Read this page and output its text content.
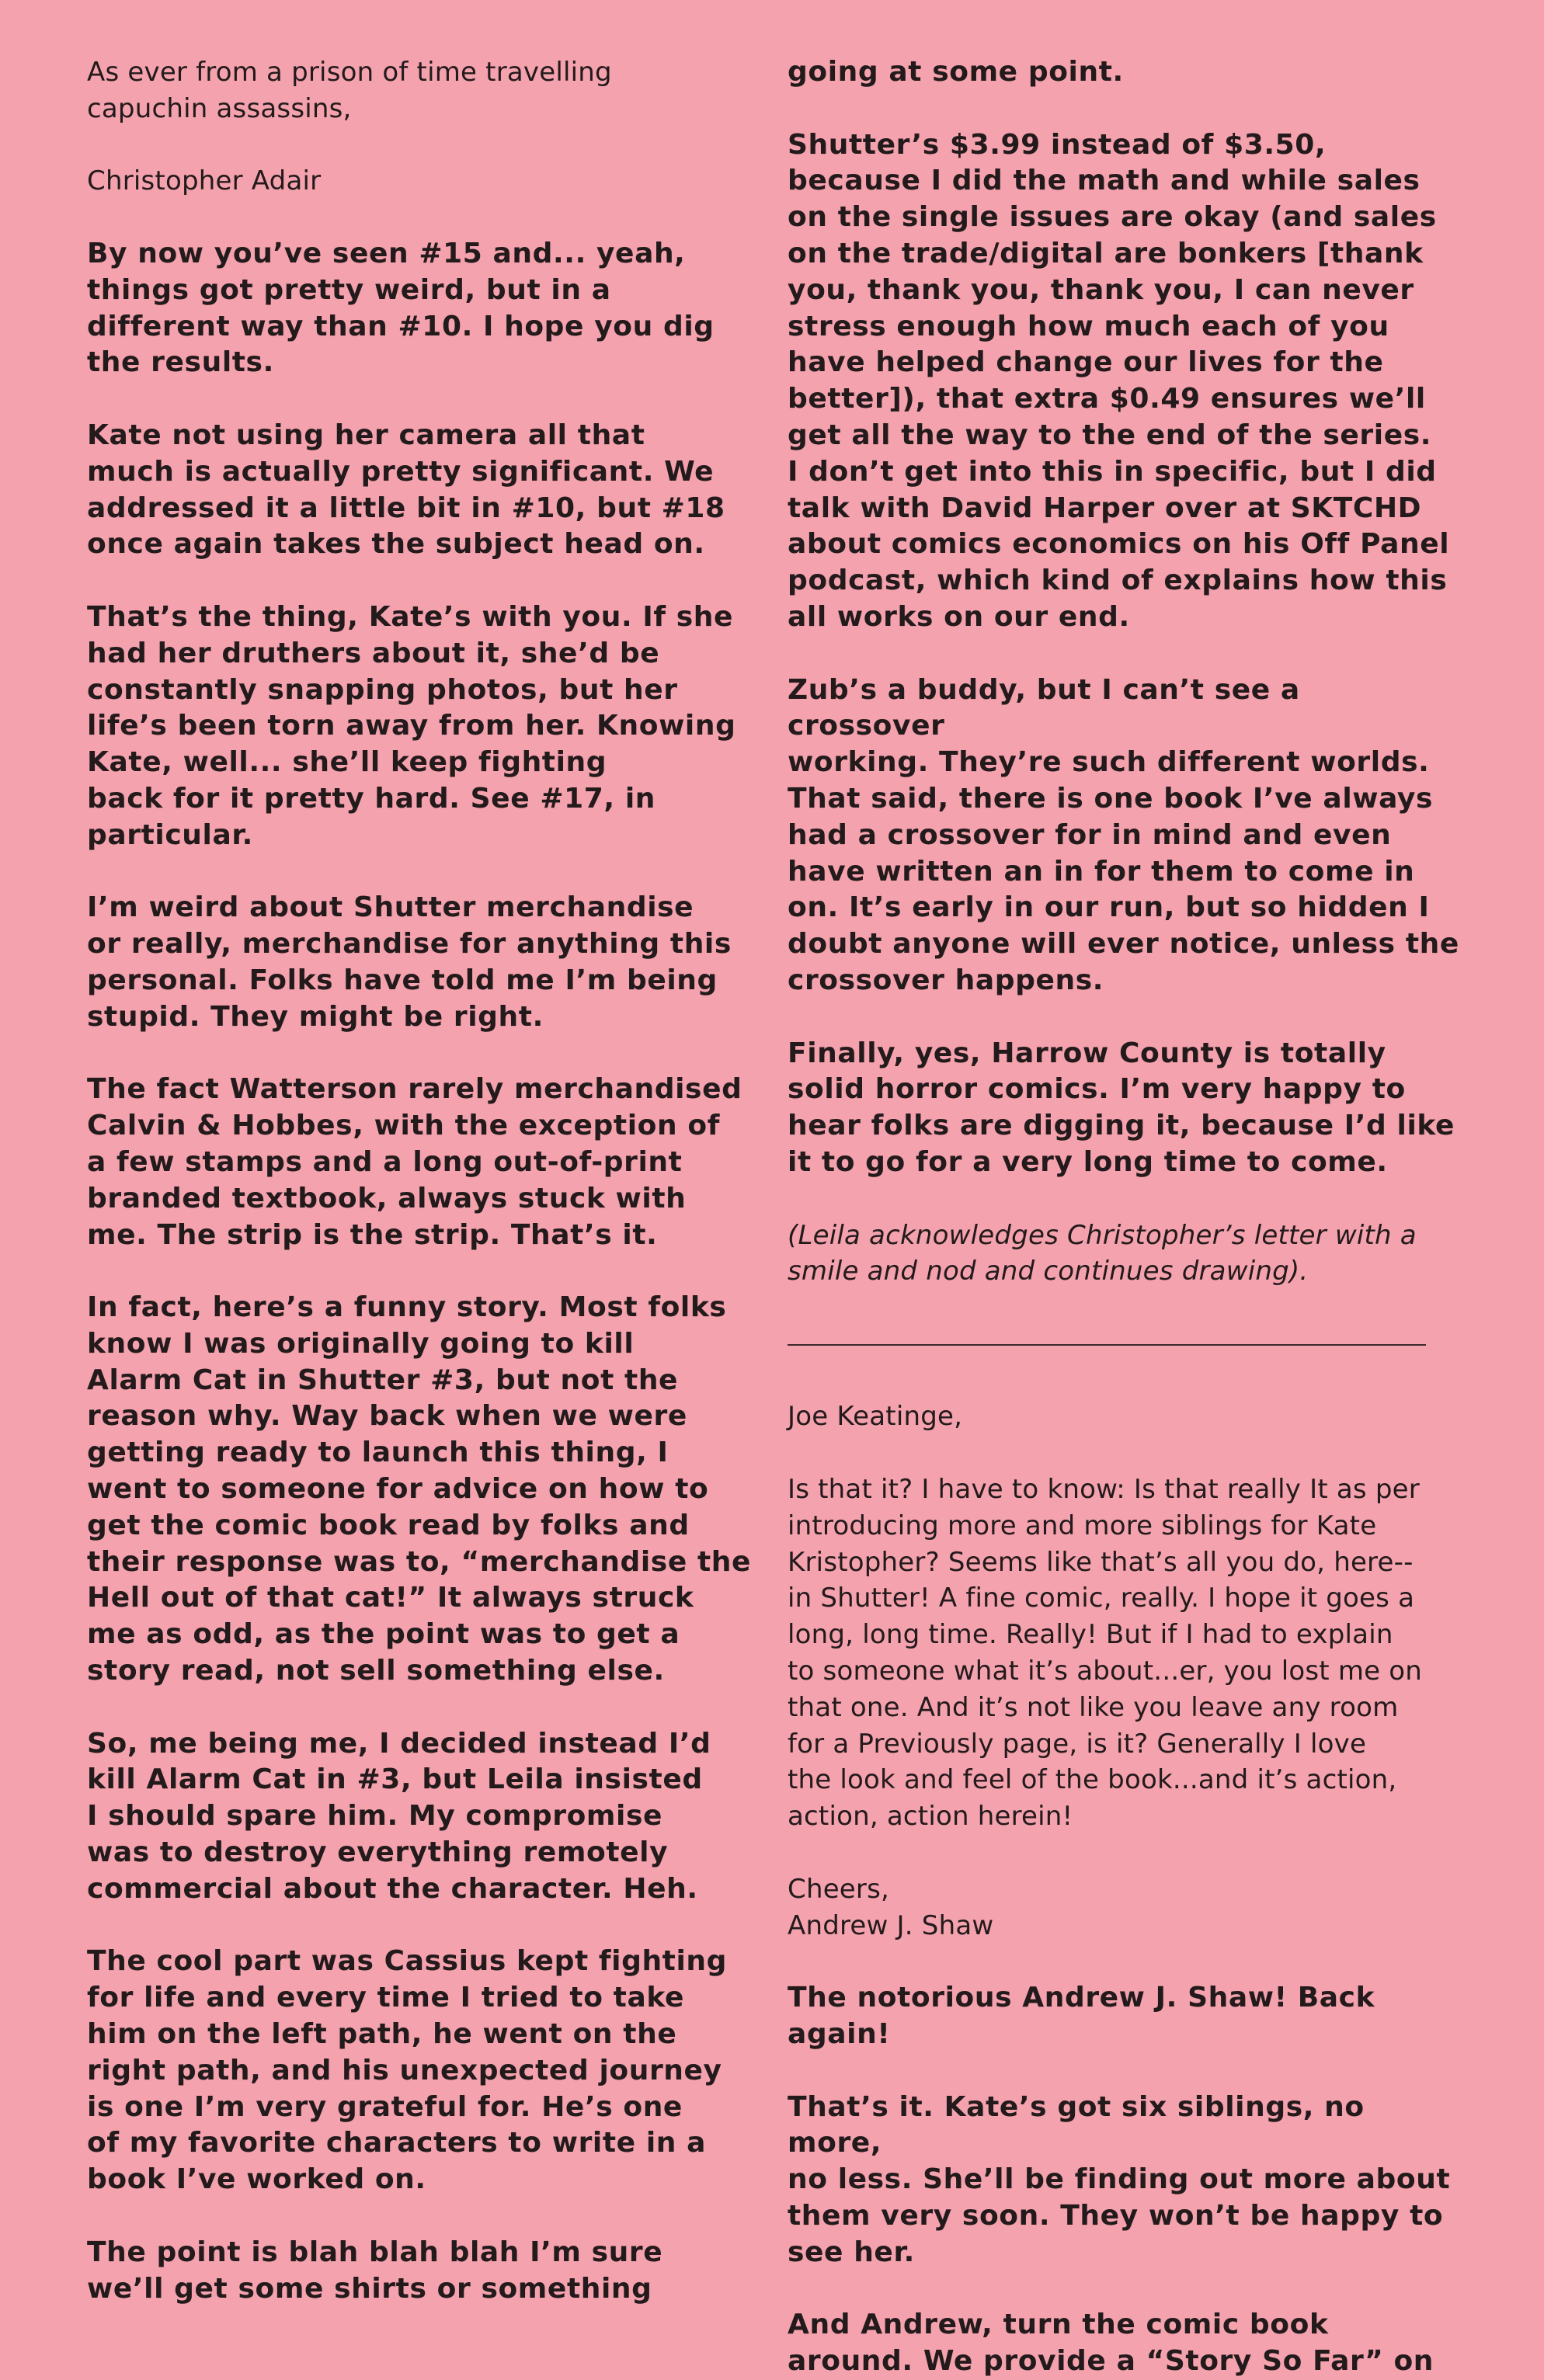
As ever from a prison of time travelling
capuchin assassins,

Christopher Adair

By now you’ve seen #15 and... yeah,
things got pretty weird, but in a
different way than #10. I hope you dig
the results.

Kate not using her camera all that
much is actually pretty significant. We
addressed it a little bit in #10, but #18
once again takes the subject head on.

That’s the thing, Kate’s with you. If she
had her druthers about it, she’d be
constantly snapping photos, but her
life’s been torn away from her. Knowing
Kate, well... she’ll keep fighting
back for it pretty hard. See #17, in
particular.

I’m weird about Shutter merchandise
or really, merchandise for anything this
personal. Folks have told me I’m being
stupid. They might be right.

The fact Watterson rarely merchandised
Calvin & Hobbes, with the exception of
a few stamps and a long out-of-print
branded textbook, always stuck with
me. The strip is the strip. That’s it.

In fact, here’s a funny story. Most folks
know I was originally going to kill
Alarm Cat in Shutter #3, but not the
reason why. Way back when we were
getting ready to launch this thing, I
went to someone for advice on how to
get the comic book read by folks and
their response was to, “merchandise the
Hell out of that cat!” It always struck
me as odd, as the point was to get a
story read, not sell something else.

So, me being me, I decided instead I’d
kill Alarm Cat in #3, but Leila insisted
I should spare him. My compromise
was to destroy everything remotely
commercial about the character. Heh.

The cool part was Cassius kept fighting
for life and every time I tried to take
him on the left path, he went on the
right path, and his unexpected journey
is one I’m very grateful for. He’s one
of my favorite characters to write in a
book I’ve worked on.

The point is blah blah blah I’m sure
we’ll get some shirts or something

going at some point.

Shutter’s $3.99 instead of $3.50,
because I did the math and while sales
on the single issues are okay (and sales
on the trade/digital are bonkers [thank
you, thank you, thank you, I can never
stress enough how much each of you
have helped change our lives for the
better]), that extra $0.49 ensures we’ll
get all the way to the end of the series.
I don’t get into this in specific, but I did
talk with David Harper over at SKTCHD
about comics economics on his Off Panel
podcast, which kind of explains how this
all works on our end.

Zub’s a buddy, but I can’t see a crossover
working. They’re such different worlds.
That said, there is one book I’ve always
had a crossover for in mind and even
have written an in for them to come in
on. It’s early in our run, but so hidden I
doubt anyone will ever notice, unless the
crossover happens.

Finally, yes, Harrow County is totally
solid horror comics. I’m very happy to
hear folks are digging it, because I’d like
it to go for a very long time to come.

(Leila acknowledges Christopher’s letter with a
smile and nod and continues drawing).

Joe Keatinge,

Is that it? I have to know: Is that really It as per
introducing more and more siblings for Kate
Kristopher? Seems like that’s all you do, here--
in Shutter! A fine comic, really. I hope it goes a
long, long time. Really! But if I had to explain
to someone what it’s about...er, you lost me on
that one. And it’s not like you leave any room
for a Previously page, is it? Generally I love
the look and feel of the book...and it’s action,
action, action herein!

Cheers,
Andrew J. Shaw

The notorious Andrew J. Shaw! Back
again!

That’s it. Kate’s got six siblings, no more,
no less. She’ll be finding out more about
them very soon. They won’t be happy to
see her.

And Andrew, turn the comic book
around. We provide a “Story So Far” on
